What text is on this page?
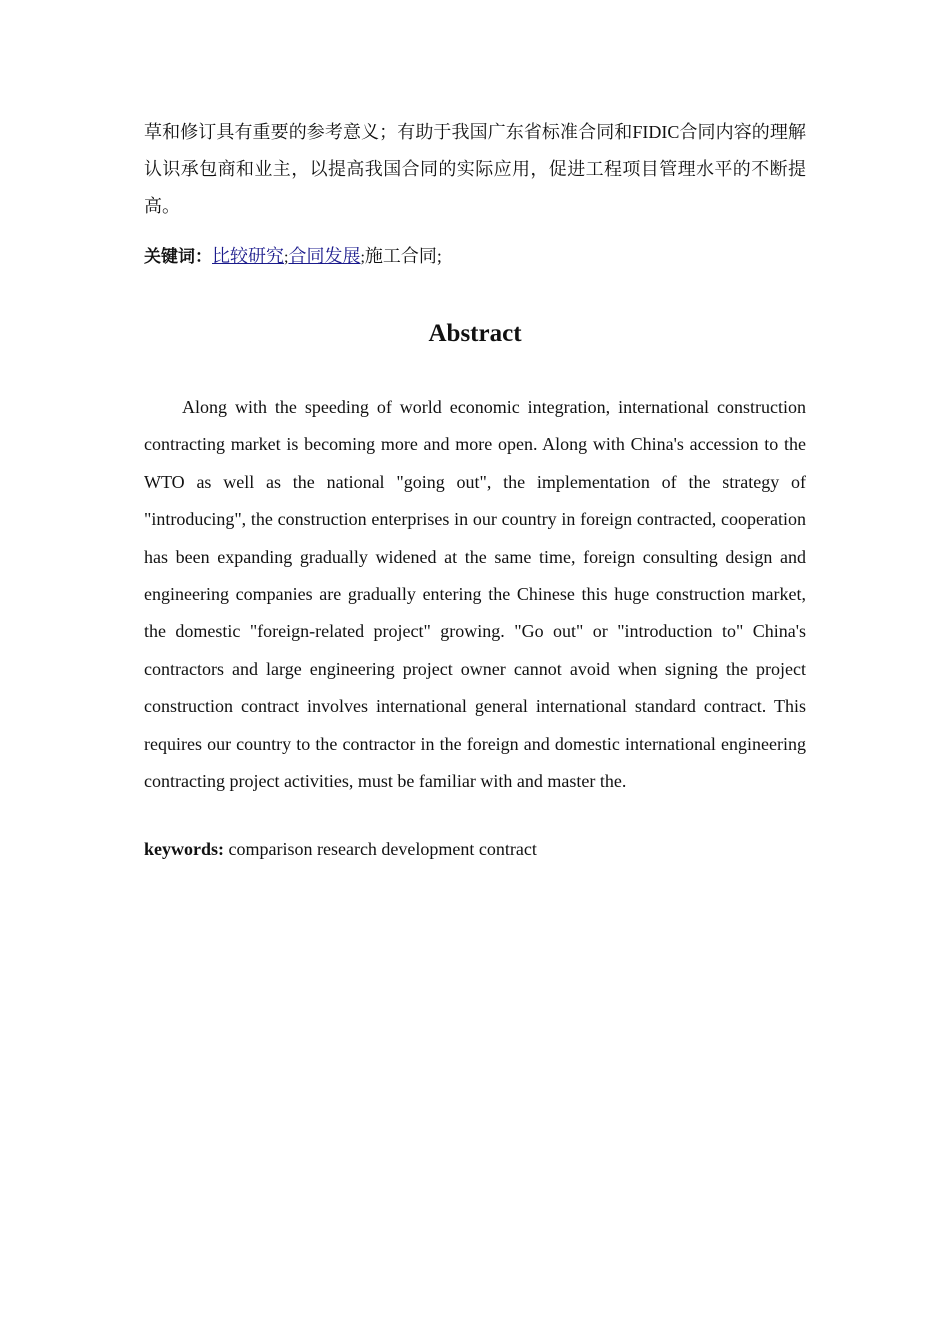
草和修订具有重要的参考意义；有助于我国广东省标准合同和FIDIC合同内容的理解认识承包商和业主，以提高我国合同的实际应用，促进工程项目管理水平的不断提高。

关键词：比较研究;合同发展;施工合同;
Abstract

Along with the speeding of world economic integration, international construction contracting market is becoming more and more open. Along with China's accession to the WTO as well as the national "going out", the implementation of the strategy of "introducing", the construction enterprises in our country in foreign contracted, cooperation has been expanding gradually widened at the same time, foreign consulting design and engineering companies are gradually entering the Chinese this huge construction market, the domestic "foreign-related project" growing. "Go out" or "introduction to" China's contractors and large engineering project owner cannot avoid when signing the project construction contract involves international general international standard contract. This requires our country to the contractor in the foreign and domestic international engineering contracting project activities, must be familiar with and master the.

keywords: comparison research development contract
